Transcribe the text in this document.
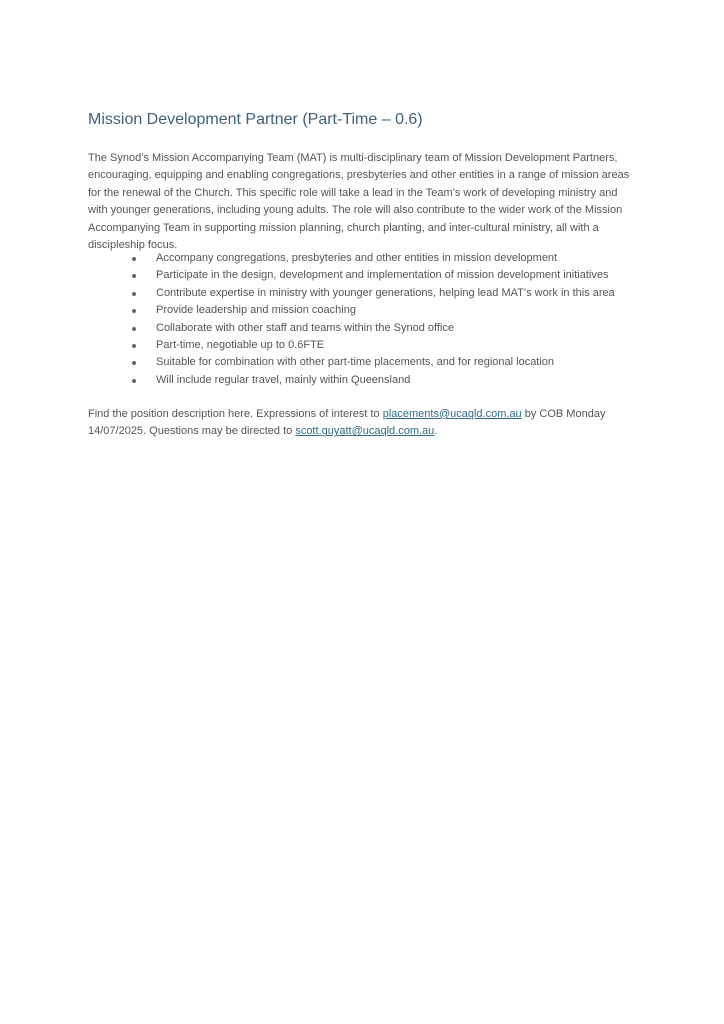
Mission Development Partner (Part-Time – 0.6)

The Synod’s Mission Accompanying Team (MAT) is multi-disciplinary team of Mission Development Partners,
encouraging, equipping and enabling congregations, presbyteries and other entities in a range of mission areas
for the renewal of the Church. This specific role will take a lead in the Team’s work of developing ministry and
with younger generations, including young adults. The role will also contribute to the wider work of the Mission
Accompanying Team in supporting mission planning, church planting, and inter-cultural ministry, all with a
discipleship focus.

Accompany congregations, presbyteries and other entities in mission development
Participate in the design, development and implementation of mission development initiatives
Contribute expertise in ministry with younger generations, helping lead MAT’s work in this area
Provide leadership and mission coaching
Collaborate with other staff and teams within the Synod office
Part-time, negotiable up to 0.6FTE
Suitable for combination with other part-time placements, and for regional location
Will include regular travel, mainly within Queensland

Find the position description here. Expressions of interest to placements@ucaqld.com.au by COB Monday
14/07/2025. Questions may be directed to scott.guyatt@ucaqld.com.au.
